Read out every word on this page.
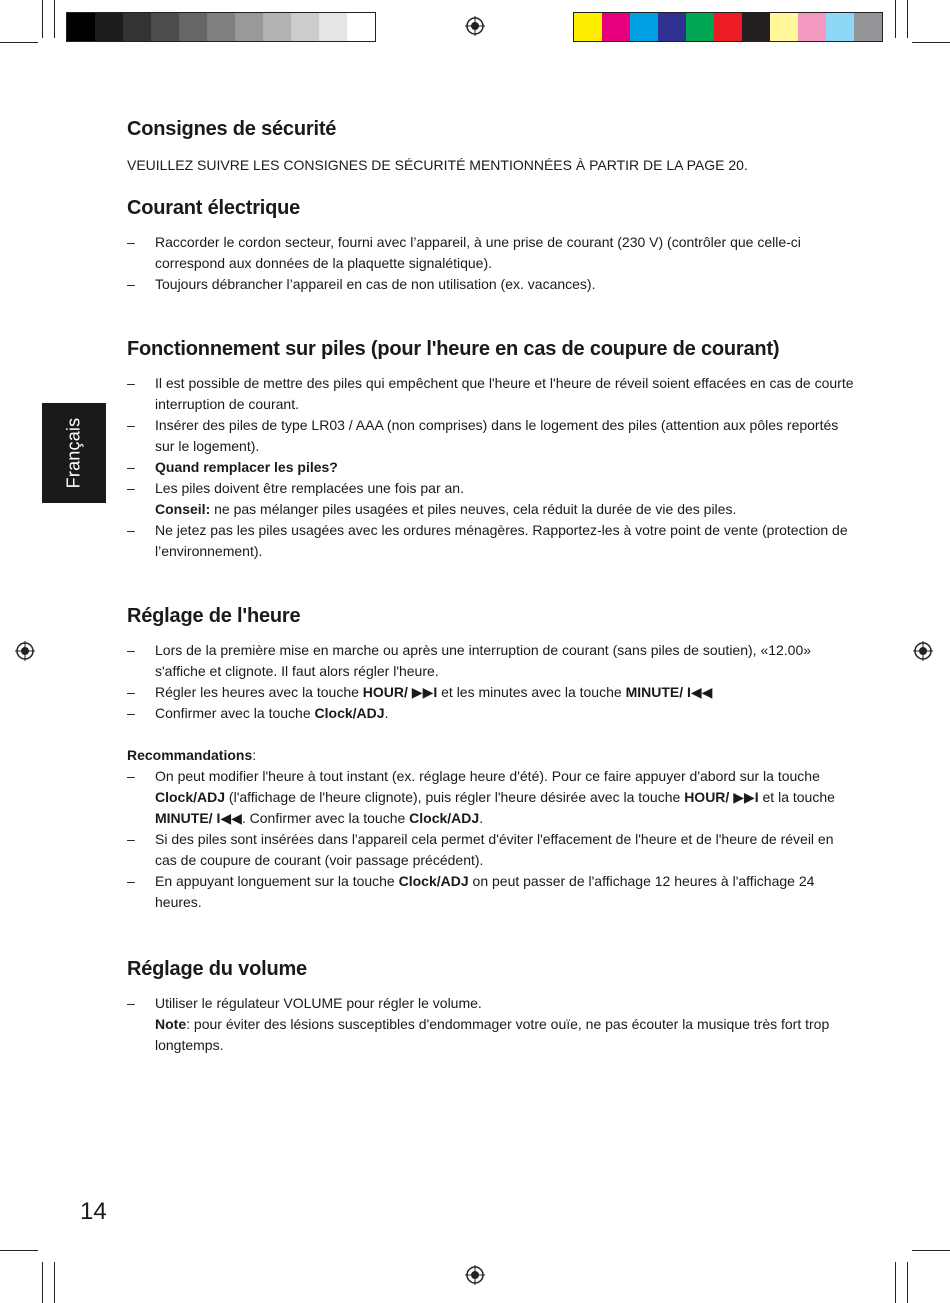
Français
Consignes de sécurité

VEUILLEZ SUIVRE LES CONSIGNES DE SÉCURITÉ MENTIONNÉES À PARTIR DE LA PAGE 20.

Courant électrique
– Raccorder le cordon secteur, fourni avec l’appareil, à une prise de courant (230 V) (contrôler que celle-ci correspond aux données de la plaquette signalétique).
– Toujours débrancher l’appareil en cas de non utilisation (ex. vacances).
Fonctionnement sur piles (pour l'heure en cas de coupure de courant)
– Il est possible de mettre des piles qui empêchent que l'heure et l'heure de réveil soient effacées en cas de courte interruption de courant.
– Insérer des piles de type LR03 / AAA (non comprises) dans le logement des piles (attention aux pôles reportés sur le logement).
– Quand remplacer les piles?
– Les piles doivent être remplacées une fois par an.
Conseil: ne pas mélanger piles usagées et piles neuves, cela réduit la durée de vie des piles.
– Ne jetez pas les piles usagées avec les ordures ménagères. Rapportez-les à votre point de vente (protection de l’environnement).
Réglage de l'heure
– Lors de la première mise en marche ou après une interruption de courant (sans piles de soutien), «12.00» s'affiche et clignote. Il faut alors régler l'heure.
– Régler les heures avec la touche HOUR/ ▶▶I et les minutes avec la touche MINUTE/ I◀◀
– Confirmer avec la touche Clock/ADJ.

Recommandations:

– On peut modifier l'heure à tout instant (ex. réglage heure d'été). Pour ce faire appuyer d'abord sur la touche Clock/ADJ (l'affichage de l'heure clignote), puis régler l'heure désirée avec la touche HOUR/ ▶▶I et la touche MINUTE/ I◀◀. Confirmer avec la touche Clock/ADJ.
– Si des piles sont insérées dans l'appareil cela permet d'éviter l'effacement de l'heure et de l'heure de réveil en cas de coupure de courant (voir passage précédent).
– En appuyant longuement sur la touche Clock/ADJ on peut passer de l'affichage 12 heures à l'affichage 24 heures.
Réglage du volume
– Utiliser le régulateur VOLUME pour régler le volume.
Note: pour éviter des lésions susceptibles d'endommager votre ouïe, ne pas écouter la musique très fort trop longtemps.
14
